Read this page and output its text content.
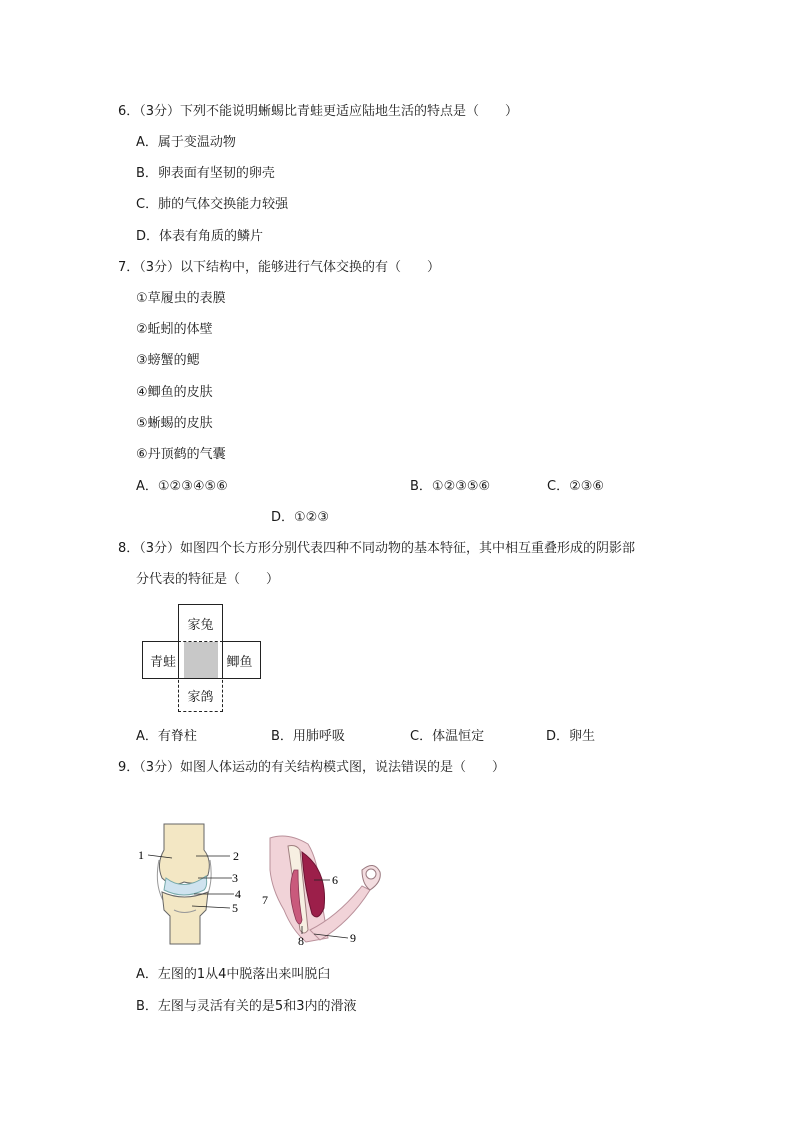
6．（3分）下列不能说明蜥蜴比青蛙更适应陆地生活的特点是（　　）
A．属于变温动物
B．卵表面有坚韧的卵壳
C．肺的气体交换能力较强
D．体表有角质的鳞片
7．（3分）以下结构中，能够进行气体交换的有（　　）
①草履虫的表膜
②蚯蚓的体壁
③螃蟹的鳃
④鲫鱼的皮肤
⑤蜥蜴的皮肤
⑥丹顶鹤的气囊
A．①②③④⑤⑥	B．①②③⑤⑥	C．②③⑥
D．①②③
8．（3分）如图四个长方形分别代表四种不同动物的基本特征，其中相互重叠形成的阴影部
分代表的特征是（　　）
青蛙	鲫鱼
家兔
家鸽
A．有脊柱	B．用肺呼吸	C．体温恒定	D．卵生
9．（3分）如图人体运动的有关结构模式图，说法错误的是（　　）
1	2
3
4
5
6
7
8	9
A．左图的1从4中脱落出来叫脱臼
B．左图与灵活有关的是5和3内的滑液
